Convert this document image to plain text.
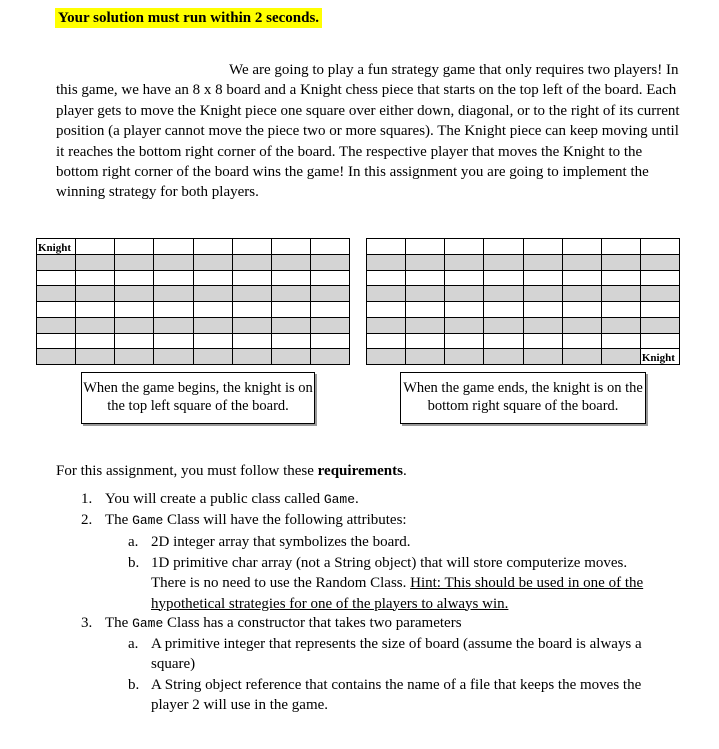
Your solution must run within 2 seconds.

We are going to play a fun strategy game that only requires two players! In this game, we have an 8 x 8 board and a Knight chess piece that starts on the top left of the board. Each player gets to move the Knight piece one square over either down, diagonal, or to the right of its current position (a player cannot move the piece two or more squares). The Knight piece can keep moving until it reaches the bottom right corner of the board. The respective player that moves the Knight to the bottom right corner of the board wins the game! In this assignment you are going to implement the winning strategy for both players.

Knight
Knight
When the game begins, the knight is on the top left square of the board.
When the game ends, the knight is on the bottom right square of the board.
For this assignment, you must follow these requirements.
1. You will create a public class called Game.
2. The Game Class will have the following attributes:
a. 2D integer array that symbolizes the board.
b. 1D primitive char array (not a String object) that will store computerize moves.
There is no need to use the Random Class. Hint: This should be used in one of the
hypothetical strategies for one of the players to always win.
3. The Game Class has a constructor that takes two parameters
a. A primitive integer that represents the size of board (assume the board is always a
square)
b. A String object reference that contains the name of a file that keeps the moves the
player 2 will use in the game.
